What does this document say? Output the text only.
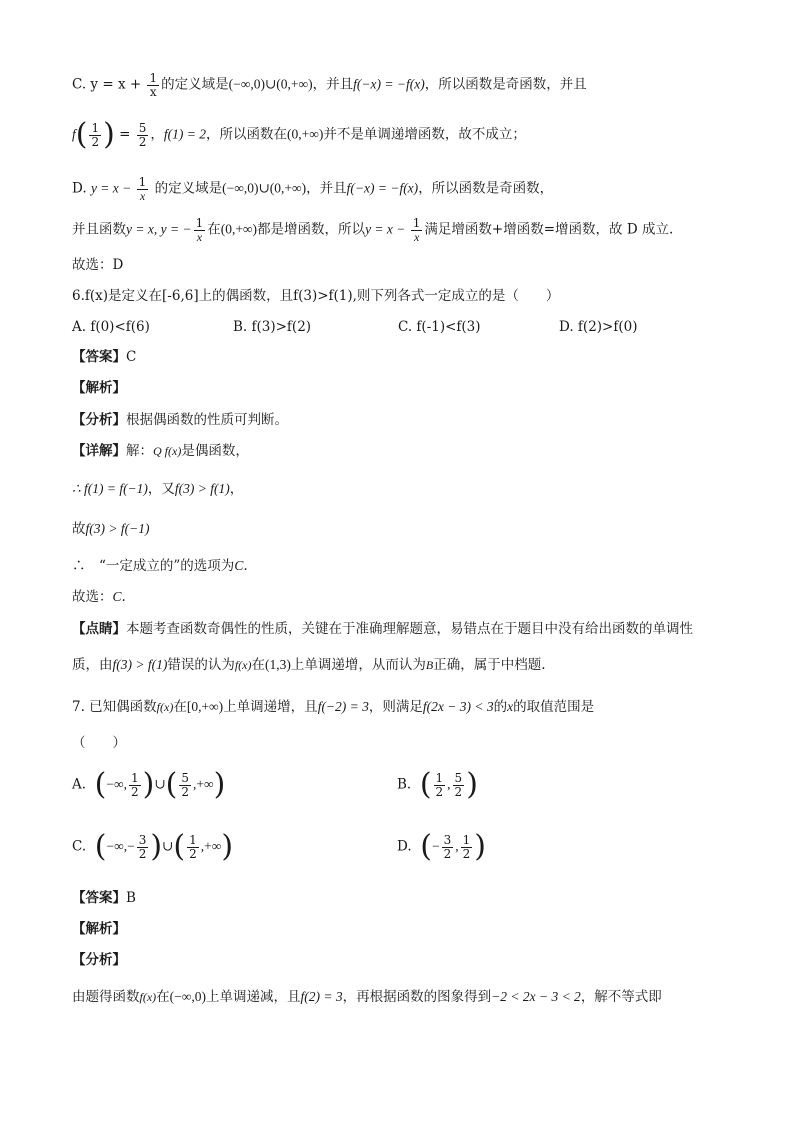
C. $y = x + \frac{1}{x}$ 的定义域是(−∞,0)∪(0,+∞)，并且f(−x) = −f(x)，所以函数是奇函数，并且
$f( \frac{1}{2}$ ) = $\frac{5}{2}$ ，f(1) = 2，所以函数在(0,+∞)并不是单调递增函数，故不成立；
D. $y = x - \frac{1}{x}$ 的定义域是(−∞,0)∪(0,+∞)，并且f(−x) = −f(x)，所以函数是奇函数，
并且函数y = x, y = − $\frac{1}{x}$ 在(0,+∞)都是增函数，所以$y = x - \frac{1}{x}$ 满足增函数+增函数=增函数，故 D 成立.
故选：D
6.f(x)是定义在[-6,6]上的偶函数，且f(3)>f(1),则下列各式一定成立的是（　　）
A. f(0)<f(6)	B. f(3)>f(2)	C. f(-1)<f(3)	D. f(2)>f(0)
【答案】C
【解析】
【分析】根据偶函数的性质可判断。
【详解】解：Q f(x)是偶函数，
∴ f(1) = f(−1)，又f(3) > f(1)，
故f(3) > f(−1)
∴　“一定成立的”的选项为C.
故选：C.
【点睛】本题考查函数奇偶性的性质，关键在于准确理解题意，易错点在于题目中没有给出函数的单调性
质，由f(3) > f(1)错误的认为f(x)在(1,3)上单调递增，从而认为B正确，属于中档题.
7. 已知偶函数f(x)在[0,+∞)上单调递增，且f(−2) = 3，则满足f(2x − 3) < 3的x的取值范围是
（　　）
A. (−∞, $\frac{1}{2}$ )∪( $\frac{5}{2}$ ,+∞)	B. ( $\frac{1}{2}$ , $\frac{5}{2}$ )
C. (−∞,− $\frac{3}{2}$ )∪( $\frac{1}{2}$ ,+∞)	D. (− $\frac{3}{2}$ , $\frac{1}{2}$ )
【答案】B
【解析】
【分析】
由题得函数f(x)在(−∞,0)上单调递减，且f(2) = 3，再根据函数的图象得到−2 < 2x − 3 < 2，解不等式即
